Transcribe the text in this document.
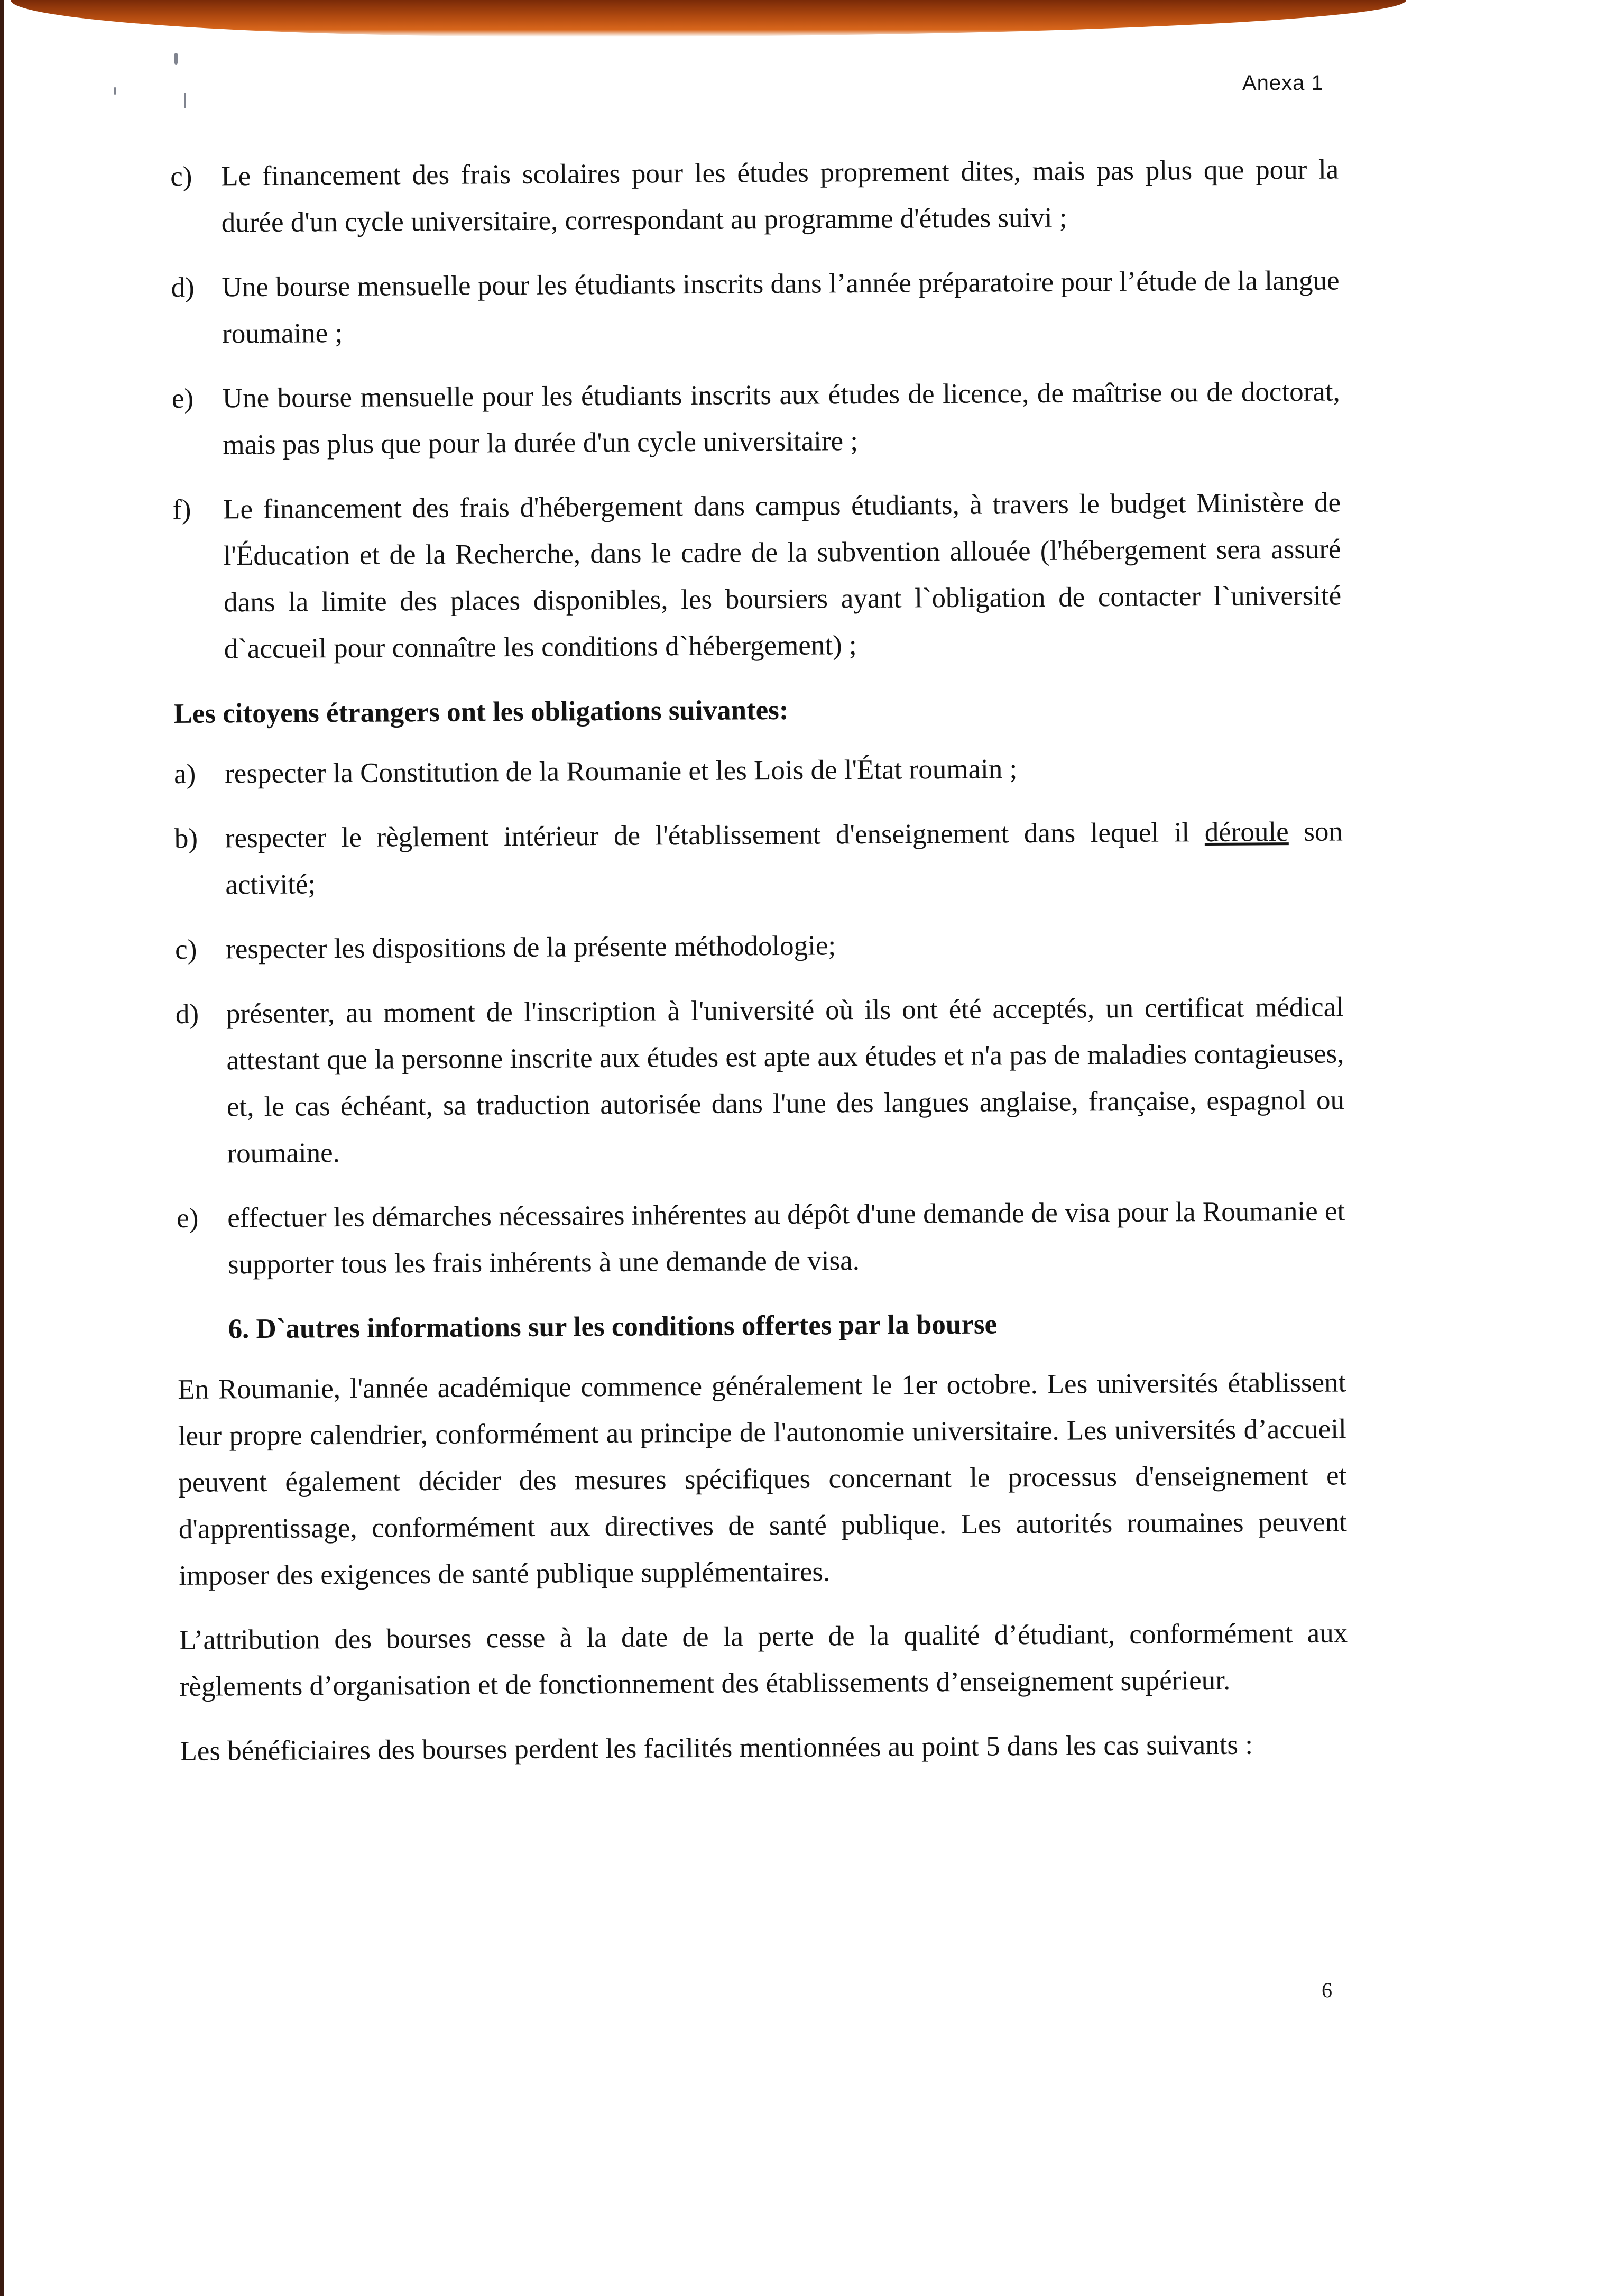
Anexa 1
c)	Le financement des frais scolaires pour les études proprement dites, mais pas plus que pour la durée d'un cycle universitaire, correspondant au programme d'études suivi ;
d) Une bourse mensuelle pour les étudiants inscrits dans l’année préparatoire pour l’étude de la langue roumaine ;
e)	Une bourse mensuelle pour les étudiants inscrits aux études de licence, de maîtrise ou de doctorat, mais pas plus que pour la durée d'un cycle universitaire ;
f)	Le financement des frais d'hébergement dans campus étudiants, à travers le budget Ministère de l'Éducation et de la Recherche, dans le cadre de la subvention allouée (l'hébergement sera assuré dans la limite des places disponibles, les boursiers ayant l`obligation de contacter l`université d`accueil pour connaître les conditions d`hébergement) ;
Les citoyens étrangers ont les obligations suivantes:
a)	respecter la Constitution de la Roumanie et les Lois de l'État roumain ;
b) respecter le règlement intérieur de l'établissement d'enseignement dans lequel il déroule son activité;
c)	respecter les dispositions de la présente méthodologie;
d) présenter, au moment de l'inscription à l'université où ils ont été acceptés, un certificat médical attestant que la personne inscrite aux études est apte aux études et n'a pas de maladies contagieuses, et, le cas échéant, sa traduction autorisée dans l'une des langues anglaise, française, espagnol ou roumaine.
e)	effectuer les démarches nécessaires inhérentes au dépôt d'une demande de visa pour la Roumanie et supporter tous les frais inhérents à une demande de visa.
6. D`autres informations sur les conditions offertes par la bourse
En Roumanie, l'année académique commence généralement le 1er octobre. Les universités établissent leur propre calendrier, conformément au principe de l'autonomie universitaire. Les universités d’accueil peuvent également décider des mesures spécifiques concernant le processus d'enseignement et d'apprentissage, conformément aux directives de santé publique. Les autorités roumaines peuvent imposer des exigences de santé publique supplémentaires.
L’attribution des bourses cesse à la date de la perte de la qualité d’étudiant, conformément aux règlements d’organisation et de fonctionnement des établissements d’enseignement supérieur.
Les bénéficiaires des bourses perdent les facilités mentionnées au point 5 dans les cas suivants :
6
